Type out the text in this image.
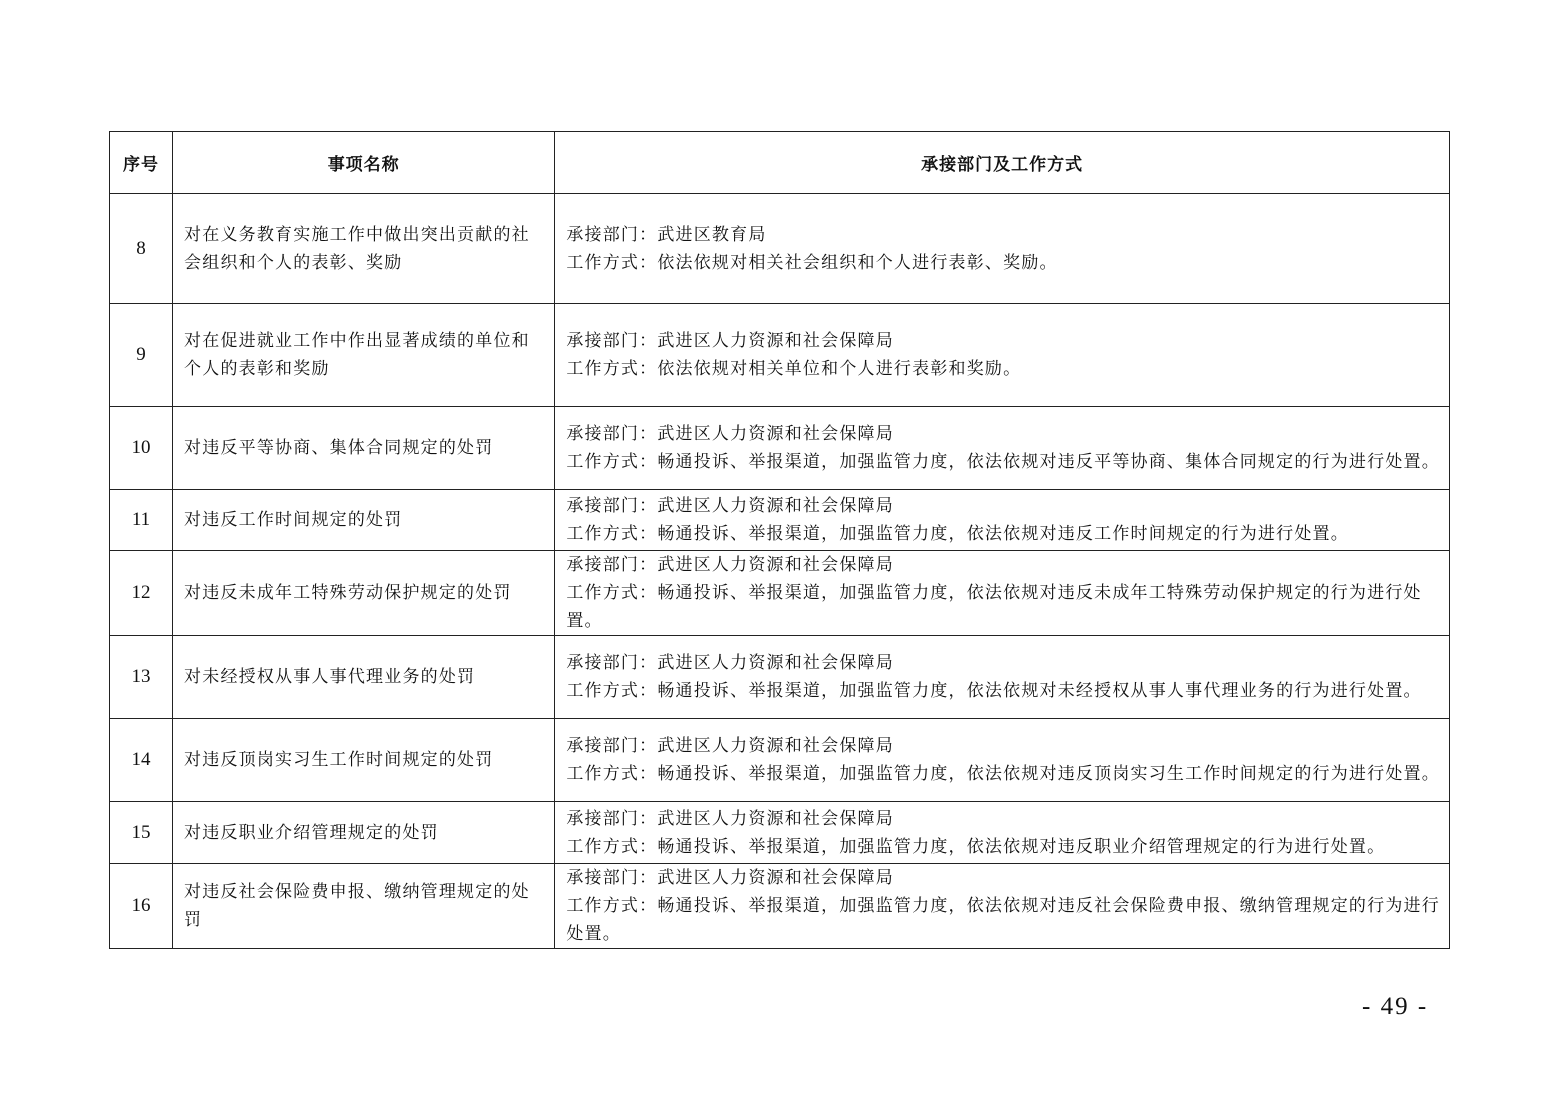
序号	事项名称	承接部门及工作方式
8	对在义务教育实施工作中做出突出贡献的社会组织和个人的表彰、奖励	承接部门：武进区教育局
工作方式：依法依规对相关社会组织和个人进行表彰、奖励。

9	对在促进就业工作中作出显著成绩的单位和个人的表彰和奖励	承接部门：武进区人力资源和社会保障局
工作方式：依法依规对相关单位和个人进行表彰和奖励。

10	对违反平等协商、集体合同规定的处罚	承接部门：武进区人力资源和社会保障局
工作方式：畅通投诉、举报渠道，加强监管力度，依法依规对违反平等协商、集体合同规定的行为进行处置。

11	对违反工作时间规定的处罚	承接部门：武进区人力资源和社会保障局
工作方式：畅通投诉、举报渠道，加强监管力度，依法依规对违反工作时间规定的行为进行处置。

12	对违反未成年工特殊劳动保护规定的处罚	承接部门：武进区人力资源和社会保障局
工作方式：畅通投诉、举报渠道，加强监管力度，依法依规对违反未成年工特殊劳动保护规定的行为进行处置。

13	对未经授权从事人事代理业务的处罚	承接部门：武进区人力资源和社会保障局
工作方式：畅通投诉、举报渠道，加强监管力度，依法依规对未经授权从事人事代理业务的行为进行处置。

14	对违反顶岗实习生工作时间规定的处罚	承接部门：武进区人力资源和社会保障局
工作方式：畅通投诉、举报渠道，加强监管力度，依法依规对违反顶岗实习生工作时间规定的行为进行处置。

15	对违反职业介绍管理规定的处罚	承接部门：武进区人力资源和社会保障局
工作方式：畅通投诉、举报渠道，加强监管力度，依法依规对违反职业介绍管理规定的行为进行处置。

16	对违反社会保险费申报、缴纳管理规定的处罚	承接部门：武进区人力资源和社会保障局
工作方式：畅通投诉、举报渠道，加强监管力度，依法依规对违反社会保险费申报、缴纳管理规定的行为进行处置。
- 49 -
